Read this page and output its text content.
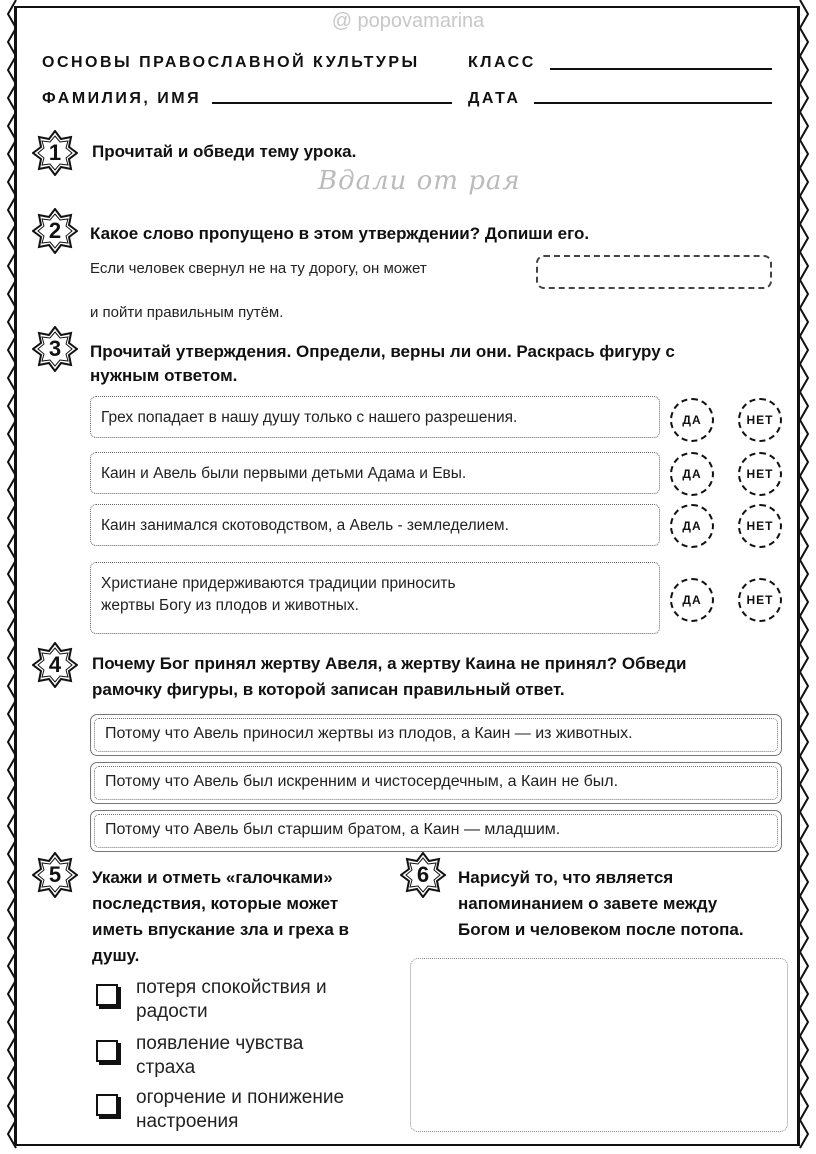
@ popovamarina
ОСНОВЫ ПРАВОСЛАВНОЙ КУЛЬТУРЫ	КЛАСС
ФАМИЛИЯ, ИМЯ	ДАТА
1	Прочитай и обведи тему урока.
Вдали от рая
2	Какое слово пропущено в этом утверждении? Допиши его.
Если человек свернул не на ту дорогу, он может
и пойти правильным путём.
3	Прочитай утверждения. Определи, верны ли они. Раскрась фигуру с
нужным ответом.
Грех попадает в нашу душу только с нашего разрешения.	ДА	НЕТ
Каин и Авель были первыми детьми Адама и Евы.	ДА	НЕТ
Каин занимался скотоводством, а Авель - земледелием.	ДА	НЕТ
Христиане придерживаются традиции приносить жертвы Богу из плодов и животных.	ДА	НЕТ
4	Почему Бог принял жертву Авеля, а жертву Каина не принял? Обведи
рамочку фигуры, в которой записан правильный ответ.
Потому что Авель приносил жертвы из плодов, а Каин — из животных.
Потому что Авель был искренним и чистосердечным, а Каин не был.
Потому что Авель был старшим братом, а Каин — младшим.
5	Укажи и отметь «галочками»
последствия, которые может
иметь впускание зла и греха в
душу.
потеря спокойствия и
радости
появление чувства
страха
огорчение и понижение
настроения
6	Нарисуй то, что является
напоминанием о завете между
Богом и человеком после потопа.
